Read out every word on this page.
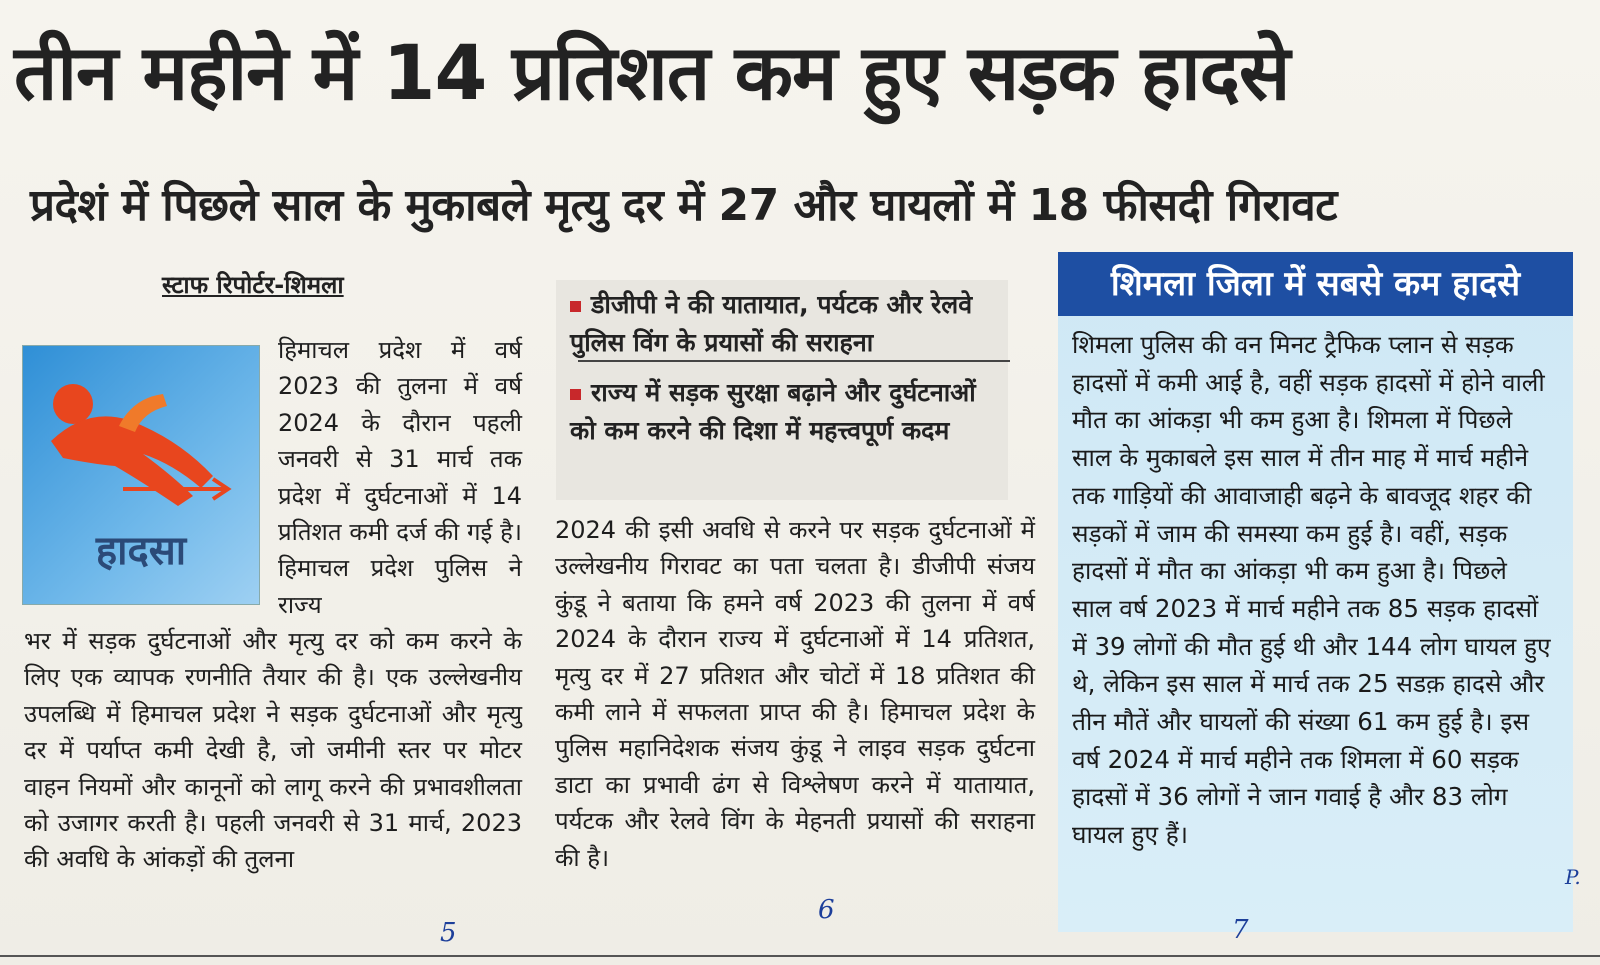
तीन महीने में 14 प्रतिशत कम हुए सड़क हादसे
प्रदेशं में पिछले साल के मुकाबले मृत्यु दर में 27 और घायलों में 18 फीसदी गिरावट
स्टाफ रिपोर्टर-शिमला
हादसा
हिमाचल प्रदेश में वर्ष 2023 की तुलना में वर्ष 2024 के दौरान पहली जनवरी से 31 मार्च तक प्रदेश में दुर्घटनाओं में 14 प्रतिशत कमी दर्ज की गई है। हिमाचल प्रदेश पुलिस ने राज्य
भर में सड़क दुर्घटनाओं और मृत्यु दर को कम करने के लिए एक व्यापक रणनीति तैयार की है। एक उल्लेखनीय उपलब्धि में हिमाचल प्रदेश ने सड़क दुर्घटनाओं और मृत्यु दर में पर्याप्त कमी देखी है, जो जमीनी स्तर पर मोटर वाहन नियमों और कानूनों को लागू करने की प्रभावशीलता को उजागर करती है। पहली जनवरी से 31 मार्च, 2023 की अवधि के आंकड़ों की तुलना
डीजीपी ने की यातायात, पर्यटक और रेलवे पुलिस विंग के प्रयासों की सराहना
राज्य में सड़क सुरक्षा बढ़ाने और दुर्घटनाओं को कम करने की दिशा में महत्त्वपूर्ण कदम
2024 की इसी अवधि से करने पर सड़क दुर्घटनाओं में उल्लेखनीय गिरावट का पता चलता है। डीजीपी संजय कुंडू ने बताया कि हमने वर्ष 2023 की तुलना में वर्ष 2024 के दौरान राज्य में दुर्घटनाओं में 14 प्रतिशत, मृत्यु दर में 27 प्रतिशत और चोटों में 18 प्रतिशत की कमी लाने में सफलता प्राप्त की है। हिमाचल प्रदेश के पुलिस महानिदेशक संजय कुंडू ने लाइव सड़क दुर्घटना डाटा का प्रभावी ढंग से विश्लेषण करने में यातायात, पर्यटक और रेलवे विंग के मेहनती प्रयासों की सराहना की है।
शिमला जिला में सबसे कम हादसे
शिमला पुलिस की वन मिनट ट्रैफिक प्लान से सड़क हादसों में कमी आई है, वहीं सड़क हादसों में होने वाली मौत का आंकड़ा भी कम हुआ है। शिमला में पिछले साल के मुकाबले इस साल में तीन माह में मार्च महीने तक गाड़ियों की आवाजाही बढ़ने के बावजूद शहर की सड़कों में जाम की समस्या कम हुई है। वहीं, सड़क हादसों में मौत का आंकड़ा भी कम हुआ है। पिछले साल वर्ष 2023 में मार्च महीने तक 85 सड़क हादसों में 39 लोगों की मौत हुई थी और 144 लोग घायल हुए थे, लेकिन इस साल में मार्च तक 25 सडक़ हादसे और तीन मौतें और घायलों की संख्या 61 कम हुई है। इस वर्ष 2024 में मार्च महीने तक शिमला में 60 सड़क हादसों में 36 लोगों ने जान गवाई है और 83 लोग घायल हुए हैं।
5
6
7
P.
